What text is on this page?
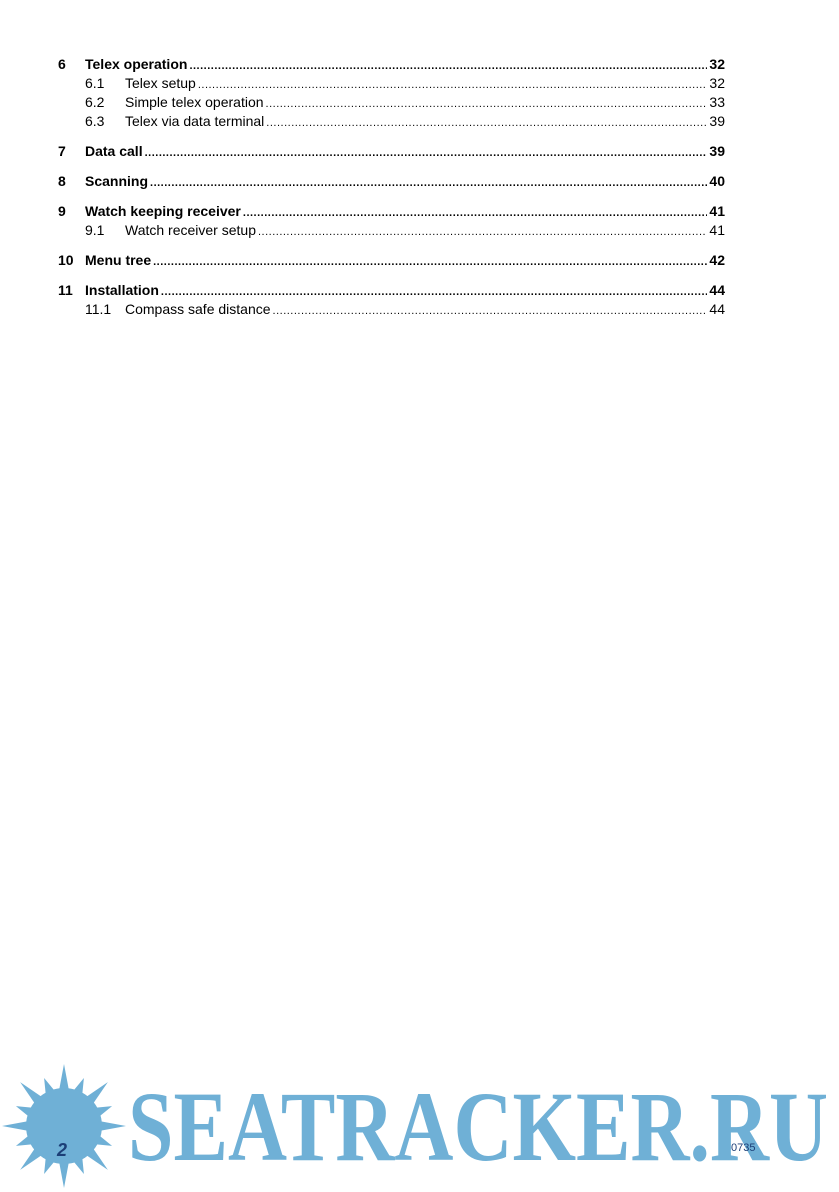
6	Telex operation .....	32
6.1	Telex setup .....	32
6.2	Simple telex operation .....	33
6.3	Telex via data terminal .....	39
7	Data call .....	39
8	Scanning .....	40
9	Watch keeping receiver .....	41
9.1	Watch receiver setup .....	41
10 Menu tree .....	42
11 Installation .....	44
11.1 Compass safe distance .....	44
2 SEATRACKER.RU
0735
